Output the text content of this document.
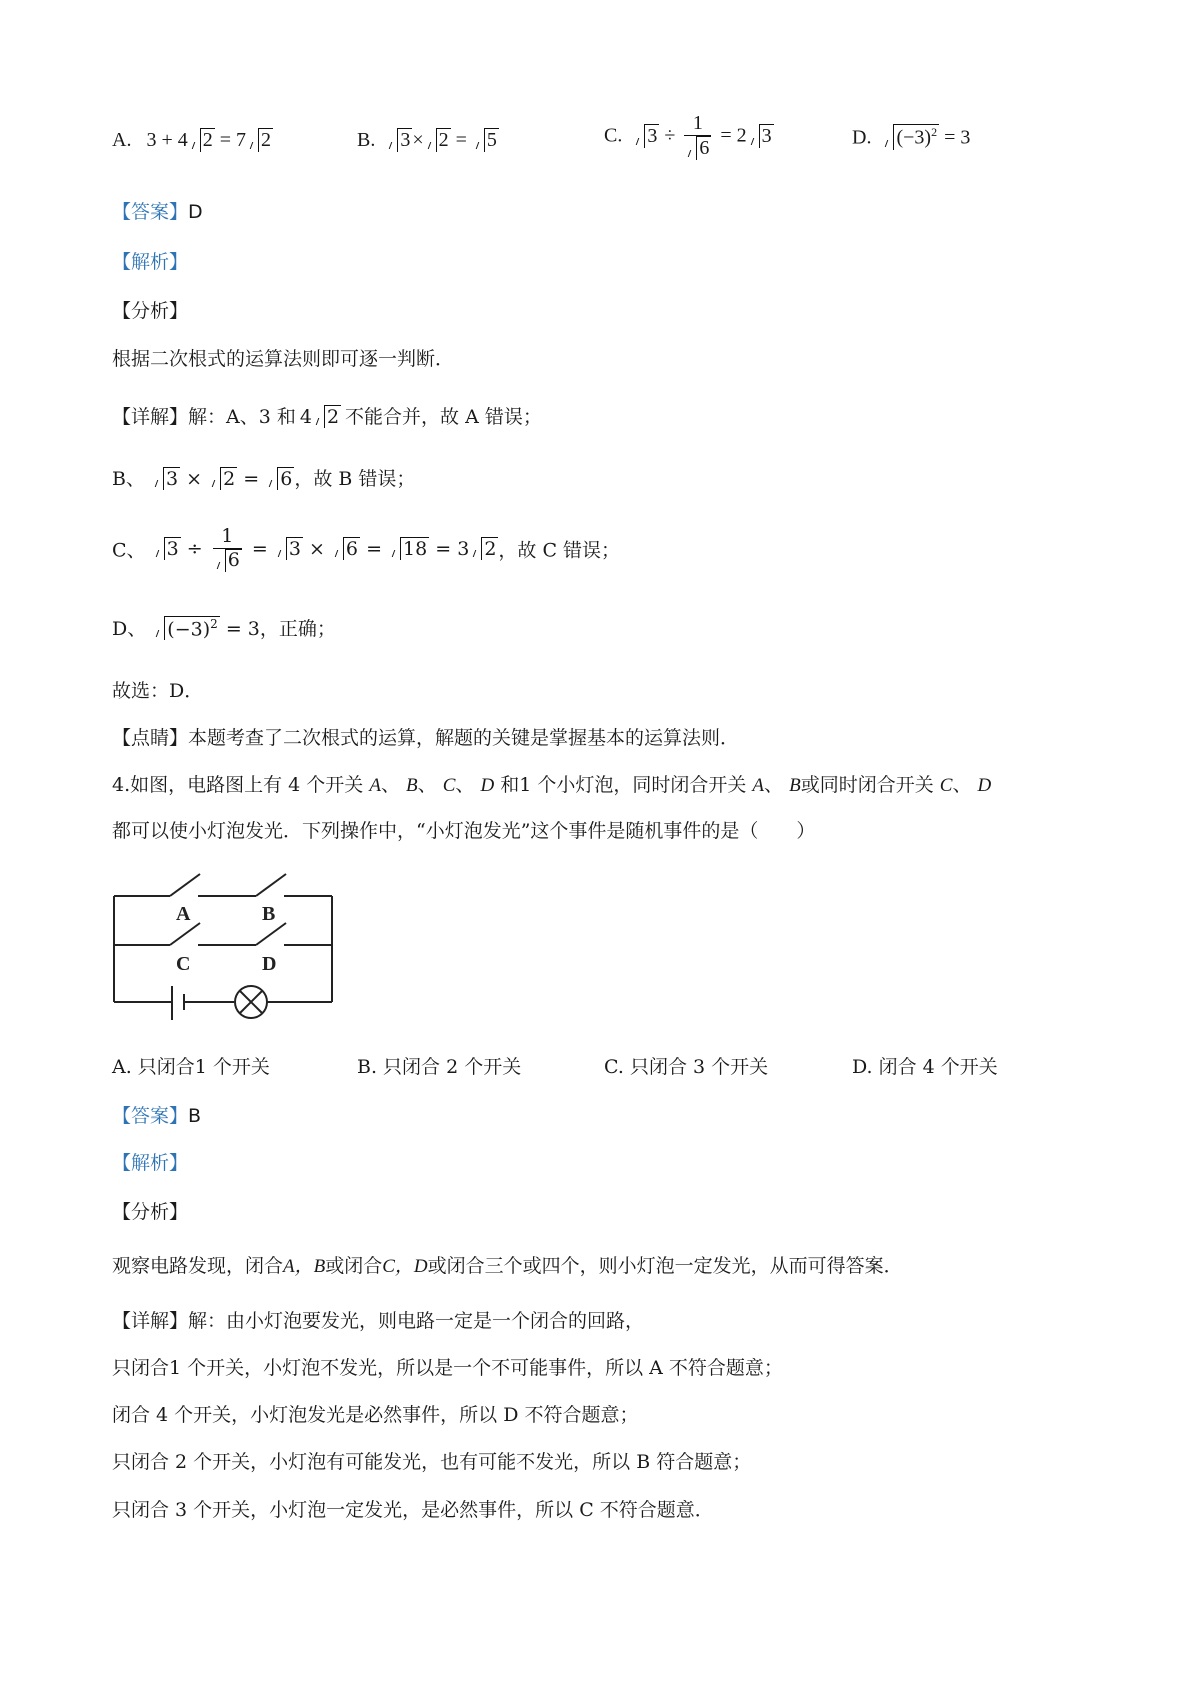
A. 3 + 4 2 = 7 2	B. 3 × 2 = 5	C. $3 \div \frac{1}{6} = 2$ 3	D. $(-3)^2 = 3$
【答案】D
【解析】
【分析】
根据二次根式的运算法则即可逐一判断．
【详解】解：A、3 和 4 2 不能合并，故 A 错误；
B、 3 × 2 = 6 ，故 B 错误；
C、 $3 \div \frac{1}{6} = 3 \times 6 = 18 = 3$ 2 ，故 C 错误；
D、 $(-3)^2 = 3$，正确；
故选：D．
【点睛】本题考查了二次根式的运算，解题的关键是掌握基本的运算法则．
4.如图，电路图上有 4 个开关 A、 B、 C、 D 和1 个小灯泡，同时闭合开关 A、 B或同时闭合开关 C、 D
都可以使小灯泡发光．下列操作中，“小灯泡发光”这个事件是随机事件的是（　　）
A	B
C	D
A. 只闭合1 个开关	B. 只闭合 2 个开关	C. 只闭合 3 个开关	D. 闭合 4 个开关
【答案】B
【解析】
【分析】
观察电路发现，闭合A，B或闭合C，D或闭合三个或四个，则小灯泡一定发光，从而可得答案．
【详解】解：由小灯泡要发光，则电路一定是一个闭合的回路，
只闭合1 个开关，小灯泡不发光，所以是一个不可能事件，所以 A 不符合题意；
闭合 4 个开关，小灯泡发光是必然事件，所以 D 不符合题意；
只闭合 2 个开关，小灯泡有可能发光，也有可能不发光，所以 B 符合题意；
只闭合 3 个开关，小灯泡一定发光，是必然事件，所以 C 不符合题意．
